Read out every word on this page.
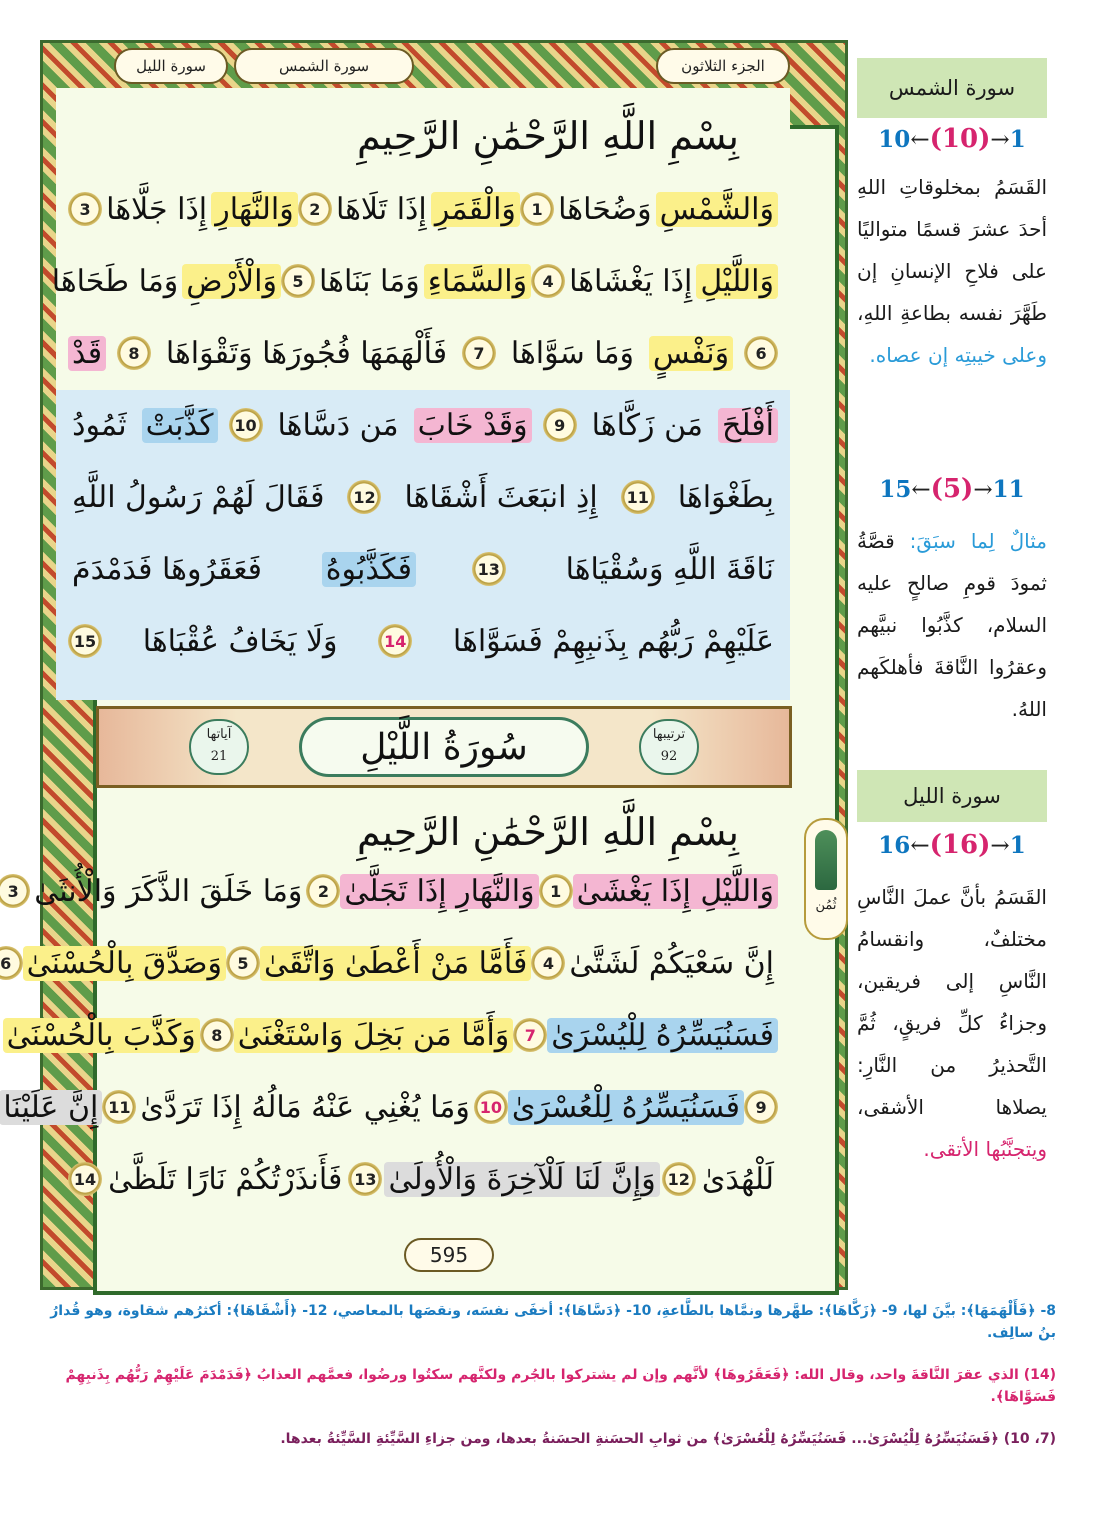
الجزء الثلاثون
سورة الشمس
سورة الليل
بِسْمِ اللَّهِ الرَّحْمَٰنِ الرَّحِيمِ
وَالشَّمْسِ
وَضُحَاهَا
1
وَالْقَمَرِ
إِذَا تَلَاهَا
2
وَالنَّهَارِ
إِذَا جَلَّاهَا
3
وَاللَّيْلِ
إِذَا يَغْشَاهَا
4
وَالسَّمَاءِ
وَمَا بَنَاهَا
5
وَالْأَرْضِ
وَمَا طَحَاهَا
6
وَنَفْسٍ
وَمَا سَوَّاهَا
7
فَأَلْهَمَهَا فُجُورَهَا وَتَقْوَاهَا
8
قَدْ
أَفْلَحَ
مَن زَكَّاهَا
9
وَقَدْ خَابَ
مَن دَسَّاهَا
10
كَذَّبَتْ
ثَمُودُ
بِطَغْوَاهَا
11
إِذِ انبَعَثَ أَشْقَاهَا
12
فَقَالَ لَهُمْ رَسُولُ اللَّهِ
نَاقَةَ اللَّهِ وَسُقْيَاهَا
13
فَكَذَّبُوهُ
فَعَقَرُوهَا فَدَمْدَمَ
عَلَيْهِمْ رَبُّهُم بِذَنبِهِمْ فَسَوَّاهَا
14
وَلَا يَخَافُ عُقْبَاهَا
15
ترتيبها
92
سُورَةُ اللَّيْلِ
آياتها
21
بِسْمِ اللَّهِ الرَّحْمَٰنِ الرَّحِيمِ
وَاللَّيْلِ إِذَا يَغْشَىٰ
1
وَالنَّهَارِ إِذَا تَجَلَّىٰ
2
وَمَا خَلَقَ الذَّكَرَ وَالْأُنثَىٰ
3
إِنَّ سَعْيَكُمْ لَشَتَّىٰ
4
فَأَمَّا مَنْ أَعْطَىٰ وَاتَّقَىٰ
5
وَصَدَّقَ بِالْحُسْنَىٰ
6
فَسَنُيَسِّرُهُ لِلْيُسْرَىٰ
7
وَأَمَّا مَن بَخِلَ وَاسْتَغْنَىٰ
8
وَكَذَّبَ بِالْحُسْنَىٰ
9
فَسَنُيَسِّرُهُ لِلْعُسْرَىٰ
10
وَمَا يُغْنِي عَنْهُ مَالُهُ إِذَا تَرَدَّىٰ
11
إِنَّ عَلَيْنَا
لَلْهُدَىٰ
12
وَإِنَّ لَنَا لَلْآخِرَةَ وَالْأُولَىٰ
13
فَأَنذَرْتُكُمْ نَارًا تَلَظَّىٰ
14
595
ثُمُن
سورة الشمس
10←(10)→1
القَسَمُ بمخلوقاتِ اللهِ أحدَ عشرَ قسمًا متواليًا على فلاحِ الإنسانِ إن طَهَّرَ نفسه بطاعةِ اللهِ، وعلى خيبتِه إن عصاه.
15←(5)→11
مثالٌ لِما سبَقَ: قصَّةُ ثمودَ قومِ صالحٍ عليه السلام، كذَّبُوا نبيَّهم وعقرُوا النَّاقةَ فأهلكَهم اللهُ.
سورة الليل
16←(16)→1
القَسَمُ بأنَّ عملَ النَّاسِ مختلفٌ، وانقسامُ النَّاسِ إلى فريقين، وجزاءُ كلِّ فريقٍ، ثُمَّ التَّحذيرُ من النَّارِ: يصلاها الأشقى، ويتجنَّبُها الأتقى.
8- ﴿فَأَلْهَمَهَا﴾: بيَّنَ لها، 9- ﴿زَكَّاهَا﴾: طهَّرها ونمَّاها بالطَّاعةِ، 10- ﴿دَسَّاهَا﴾: أخفَى نفسَه، ونقصَها بالمعاصي، 12- ﴿أَشْقَاهَا﴾: أكثرُهم شقاوة، وهو قُدارُ بنُ سالِف.
(14) الذي عقرَ النَّاقةَ واحد، وقال الله: ﴿فَعَقَرُوهَا﴾ لأنَّهم وإن لم يشتركوا بالجُرم ولكنَّهم سكتُوا ورضُوا، فعمَّهم العذابُ ﴿فَدَمْدَمَ عَلَيْهِمْ رَبُّهُم بِذَنبِهِمْ فَسَوَّاهَا﴾.
(7، 10) ﴿فَسَنُيَسِّرُهُ لِلْيُسْرَىٰ... فَسَنُيَسِّرُهُ لِلْعُسْرَىٰ﴾ من ثوابِ الحسَنةِ الحسَنةُ بعدها، ومن جزاءِ السَّيِّئةِ السَّيِّئةُ بعدها.
